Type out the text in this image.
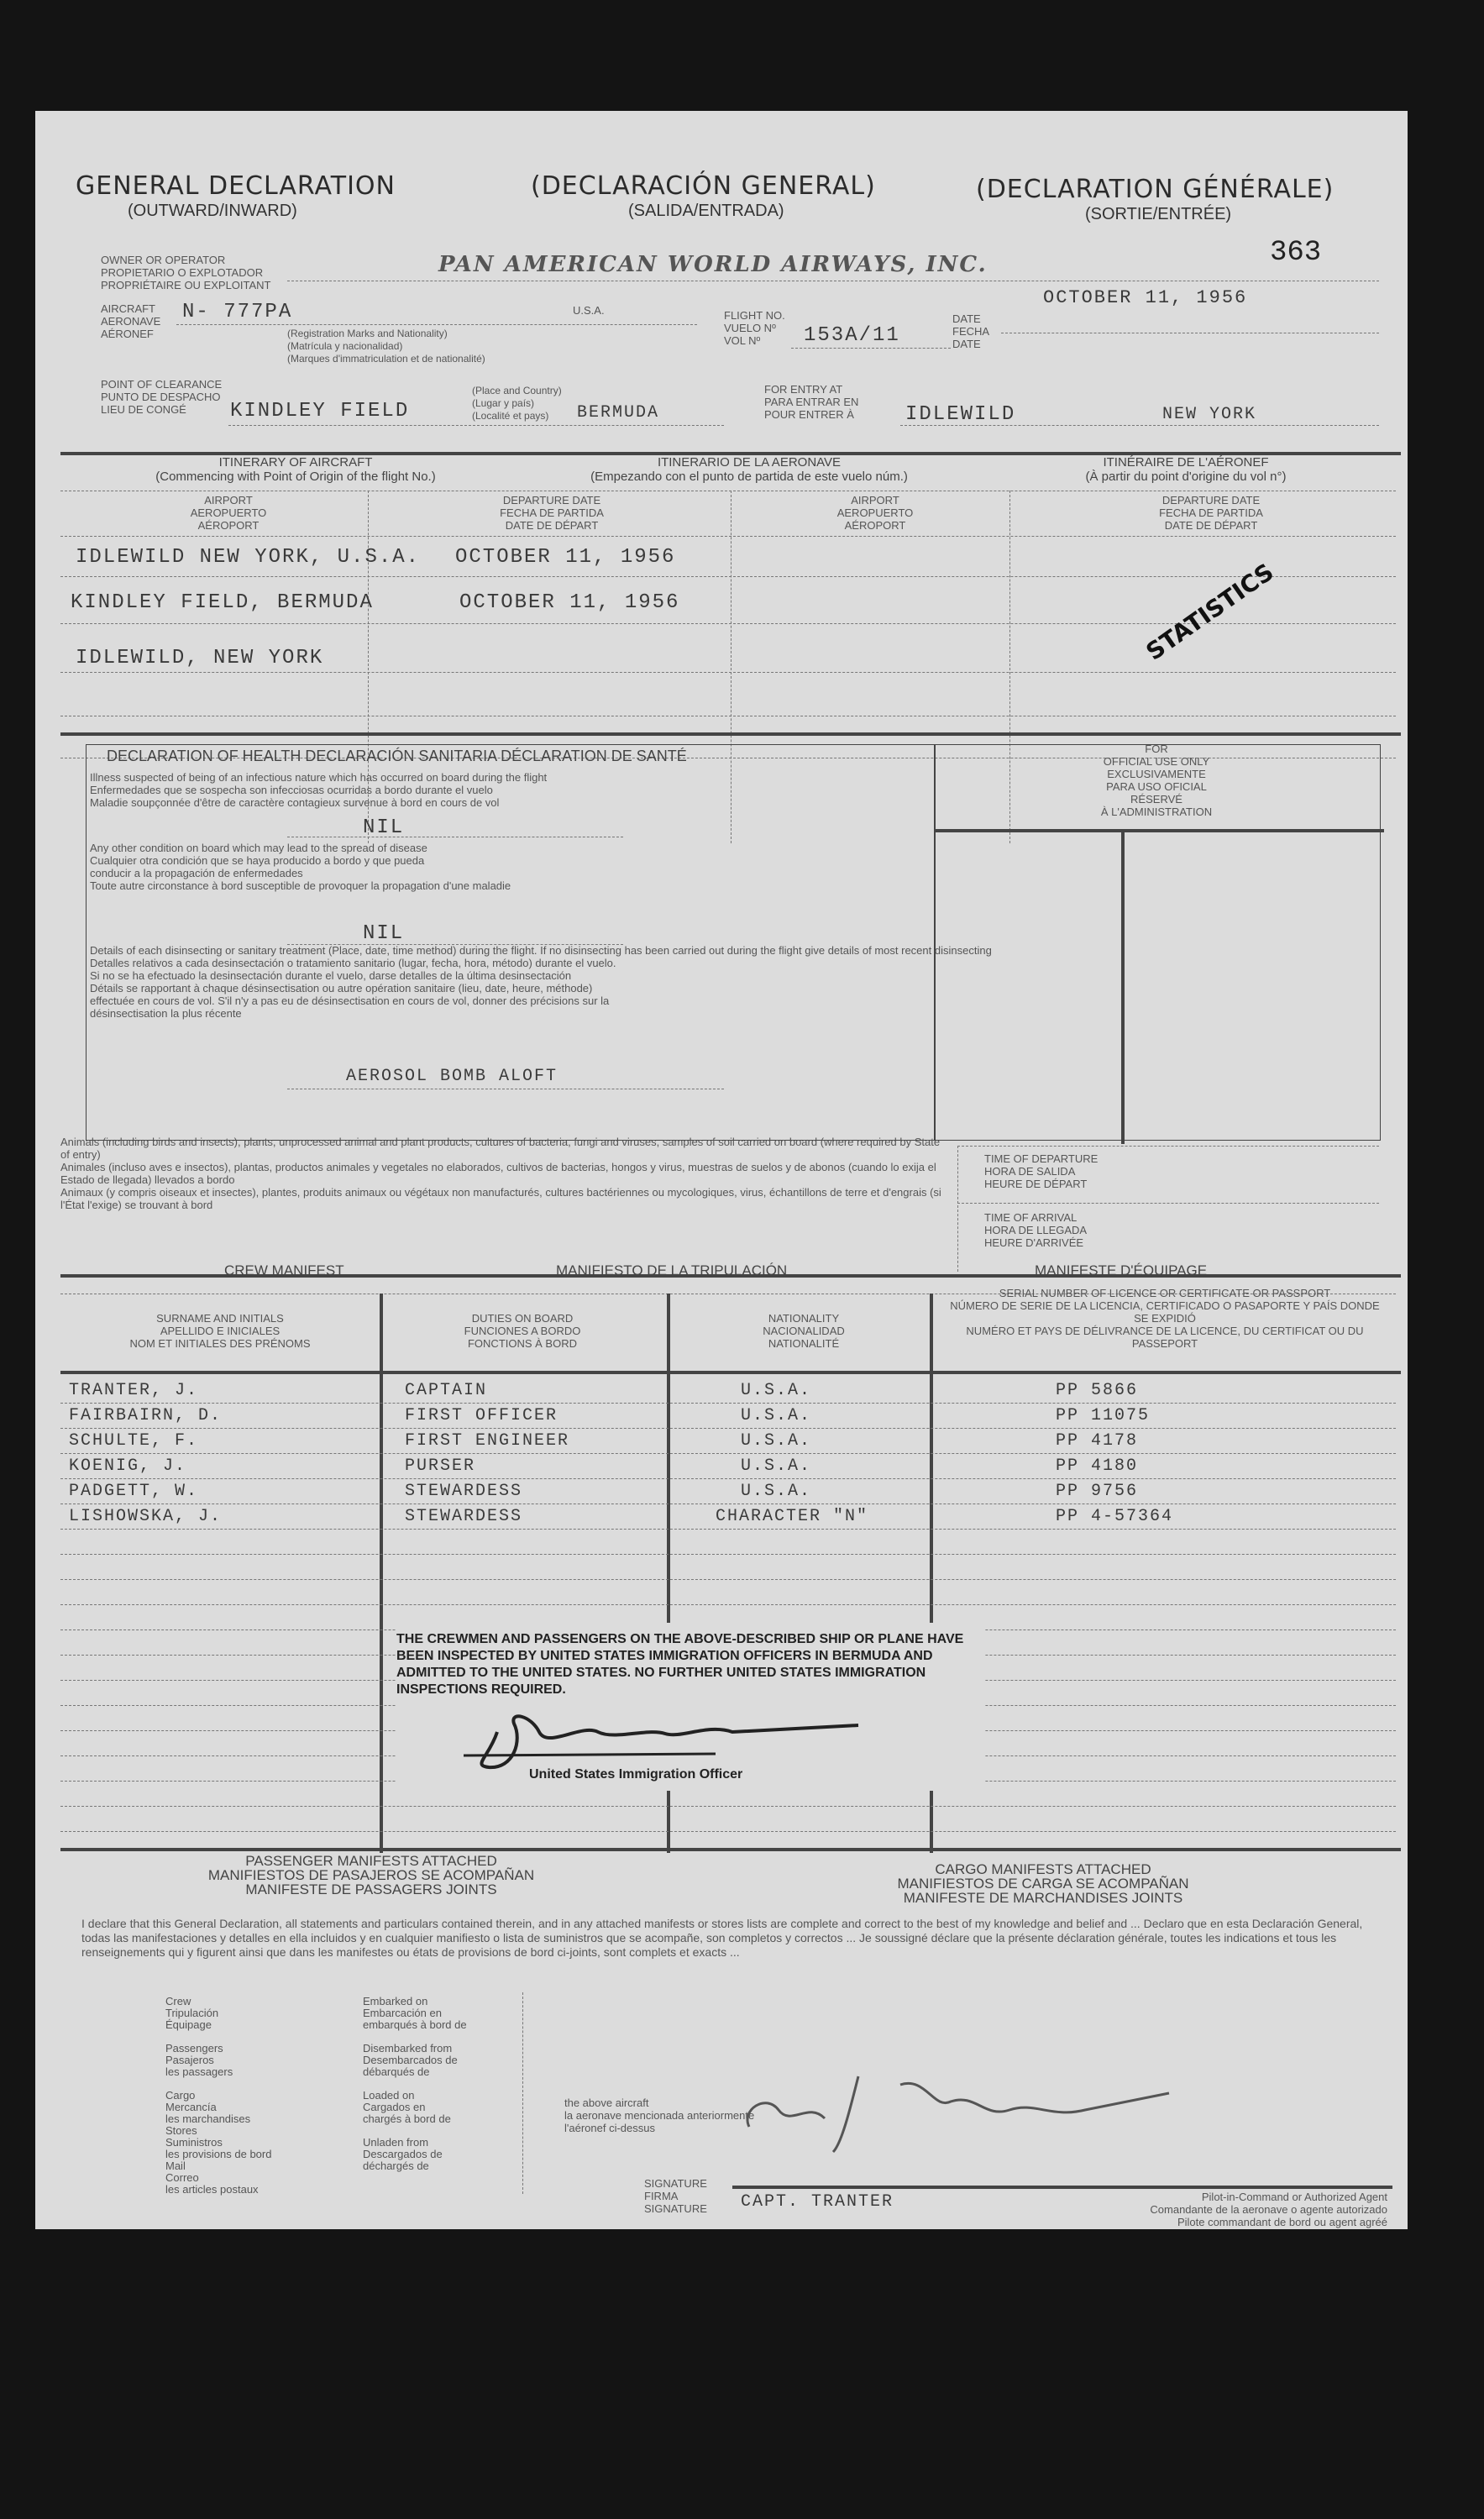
GENERAL DECLARATION
(OUTWARD/INWARD)
(DECLARACIÓN GENERAL)
(SALIDA/ENTRADA)
(DECLARATION GÉNÉRALE)
(SORTIE/ENTRÉE)
363
OWNER OR OPERATOR
PROPIETARIO O EXPLOTADOR
PROPRIÉTAIRE OU EXPLOITANT
PAN AMERICAN WORLD AIRWAYS, INC.
AIRCRAFT
AERONAVE
AÉRONEF
N- 777PA
(Registration Marks and Nationality)
(Matrícula y nacionalidad)
(Marques d'immatriculation et de nationalité)
U.S.A.	FLIGHT NO.
VUELO Nº
VOL Nº	153A/11
DATE
FECHA
DATE
OCTOBER 11, 1956
POINT OF CLEARANCE
PUNTO DE DESPACHO
LIEU DE CONGÉ	KINDLEY FIELD
(Place and Country)
(Lugar y país)
(Localité et pays)	BERMUDA
FOR ENTRY AT
PARA ENTRAR EN
POUR ENTRER À	IDLEWILD	NEW YORK
ITINERARY OF AIRCRAFT
(Commencing with Point of Origin of the flight No.)
ITINERARIO DE LA AERONAVE
(Empezando con el punto de partida de este vuelo núm.)
ITINÉRAIRE DE L'AÉRONEF
(À partir du point d'origine du vol n°)
AIRPORT
AEROPUERTO
AÉROPORT
DEPARTURE DATE
FECHA DE PARTIDA
DATE DE DÉPART
AIRPORT
AEROPUERTO
AÉROPORT
DEPARTURE DATE
FECHA DE PARTIDA
DATE DE DÉPART
IDLEWILD NEW YORK, U.S.A. OCTOBER 11, 1956
KINDLEY FIELD, BERMUDA	OCTOBER 11, 1956
IDLEWILD, NEW YORK	STATISTICS
DECLARATION OF HEALTH DECLARACIÓN SANITARIA DÉCLARATION DE SANTÉ
Illness suspected of being of an infectious nature which has occurred on board during the flight
Enfermedades que se sospecha son infecciosas ocurridas a bordo durante el vuelo
Maladie soupçonnée d'être de caractère contagieux survenue à bord en cours de vol
NIL
Any other condition on board which may lead to the spread of disease
Cualquier otra condición que se haya producido a bordo y que pueda
conducir a la propagación de enfermedades
Toute autre circonstance à bord susceptible de provoquer la propagation d'une maladie
NIL
Details of each disinsecting or sanitary treatment (Place, date, time method) during the flight. If no disinsecting has been carried out during the flight give details of most recent disinsecting
Detalles relativos a cada desinsectación o tratamiento sanitario (lugar, fecha, hora, método) durante el vuelo.
Si no se ha efectuado la desinsectación durante el vuelo, darse detalles de la última desinsectación
Détails se rapportant à chaque désinsectisation ou autre opération sanitaire (lieu, date, heure, méthode)
effectuée en cours de vol. S'il n'y a pas eu de désinsectisation en cours de vol, donner des précisions sur la
désinsectisation la plus récente
AEROSOL BOMB ALOFT
Animals (including birds and insects), plants, unprocessed animal and plant products, cultures of bacteria, fungi and viruses, samples of soil carried on board (where required by State of entry)
Animales (incluso aves e insectos), plantas, productos animales y vegetales no elaborados, cultivos de bacterias, hongos y virus, muestras de suelos y de abonos (cuando lo exija el Estado de llegada) llevados a bordo
Animaux (y compris oiseaux et insectes), plantes, produits animaux ou végétaux non manufacturés, cultures bactériennes ou mycologiques, virus, échantillons de terre et d'engrais (si l'État l'exige) se trouvant à bord
FOR
OFFICIAL USE ONLY
EXCLUSIVAMENTE
PARA USO OFICIAL
RÉSERVÉ
À L'ADMINISTRATION
TIME OF DEPARTURE
HORA DE SALIDA
HEURE DE DÉPART
TIME OF ARRIVAL
HORA DE LLEGADA
HEURE D'ARRIVÉE
CREW MANIFEST	MANIFIESTO DE LA TRIPULACIÓN	MANIFESTE D'ÉQUIPAGE
SURNAME AND INITIALS
APELLIDO E INICIALES
NOM ET INITIALES DES PRÉNOMS
DUTIES ON BOARD
FUNCIONES A BORDO
FONCTIONS À BORD
NATIONALITY
NACIONALIDAD
NATIONALITÉ
SERIAL NUMBER OF LICENCE OR CERTIFICATE OR PASSPORT
NÚMERO DE SERIE DE LA LICENCIA, CERTIFICADO O PASAPORTE Y PAÍS DONDE SE EXPIDIÓ
NUMÉRO ET PAYS DE DÉLIVRANCE DE LA LICENCE, DU CERTIFICAT OU DU PASSEPORT
TRANTER, J.	CAPTAIN	U.S.A.	PP 5866
FAIRBAIRN, D.	FIRST OFFICER	U.S.A.	PP 11075
SCHULTE, F.	FIRST ENGINEER	U.S.A.	PP 4178
KOENIG, J.	PURSER	U.S.A.	PP 4180
PADGETT, W.	STEWARDESS	U.S.A.	PP 9756
LISHOWSKA, J.	STEWARDESS	CHARACTER "N"	PP 4-57364
THE CREWMEN AND PASSENGERS ON THE ABOVE-DESCRIBED SHIP OR PLANE HAVE BEEN INSPECTED BY UNITED STATES IMMIGRATION OFFICERS IN BERMUDA AND ADMITTED TO THE UNITED STATES. NO FURTHER UNITED STATES IMMIGRATION INSPECTIONS REQUIRED.
United States Immigration Officer
PASSENGER MANIFESTS ATTACHED
MANIFIESTOS DE PASAJEROS SE ACOMPAÑAN
MANIFESTE DE PASSAGERS JOINTS
CARGO MANIFESTS ATTACHED
MANIFIESTOS DE CARGA SE ACOMPAÑAN
MANIFESTE DE MARCHANDISES JOINTS
I declare that this General Declaration, all statements and particulars contained therein, and in any attached manifests or stores lists are complete and correct to the best of my knowledge and belief and ... Declaro que en esta Declaración General, todas las manifestaciones y detalles en ella incluidos y en cualquier manifiesto o lista de suministros que se acompañe, son completos y correctos ... Je soussigné déclare que la présente déclaration générale, toutes les indications et tous les renseignements qui y figurent ainsi que dans les manifestes ou états de provisions de bord ci-joints, sont complets et exacts ...
Crew
Tripulación
Équipage

Passengers
Pasajeros
les passagers

Cargo
Mercancía
les marchandises
Stores
Suministros
les provisions de bord
Mail
Correo
les articles postaux
Embarked on
Embarcación en
embarqués à bord de

Disembarked from
Desembarcados de
débarqués de

Loaded on
Cargados en
chargés à bord de

Unladen from
Descargados de
déchargés de
the above aircraft
la aeronave mencionada anteriormente
l'aéronef ci-dessus
SIGNATURE
FIRMA
SIGNATURE CAPT. TRANTER	Pilot-in-Command or Authorized Agent
Comandante de la aeronave o agente autorizado
Pilote commandant de bord ou agent agréé
